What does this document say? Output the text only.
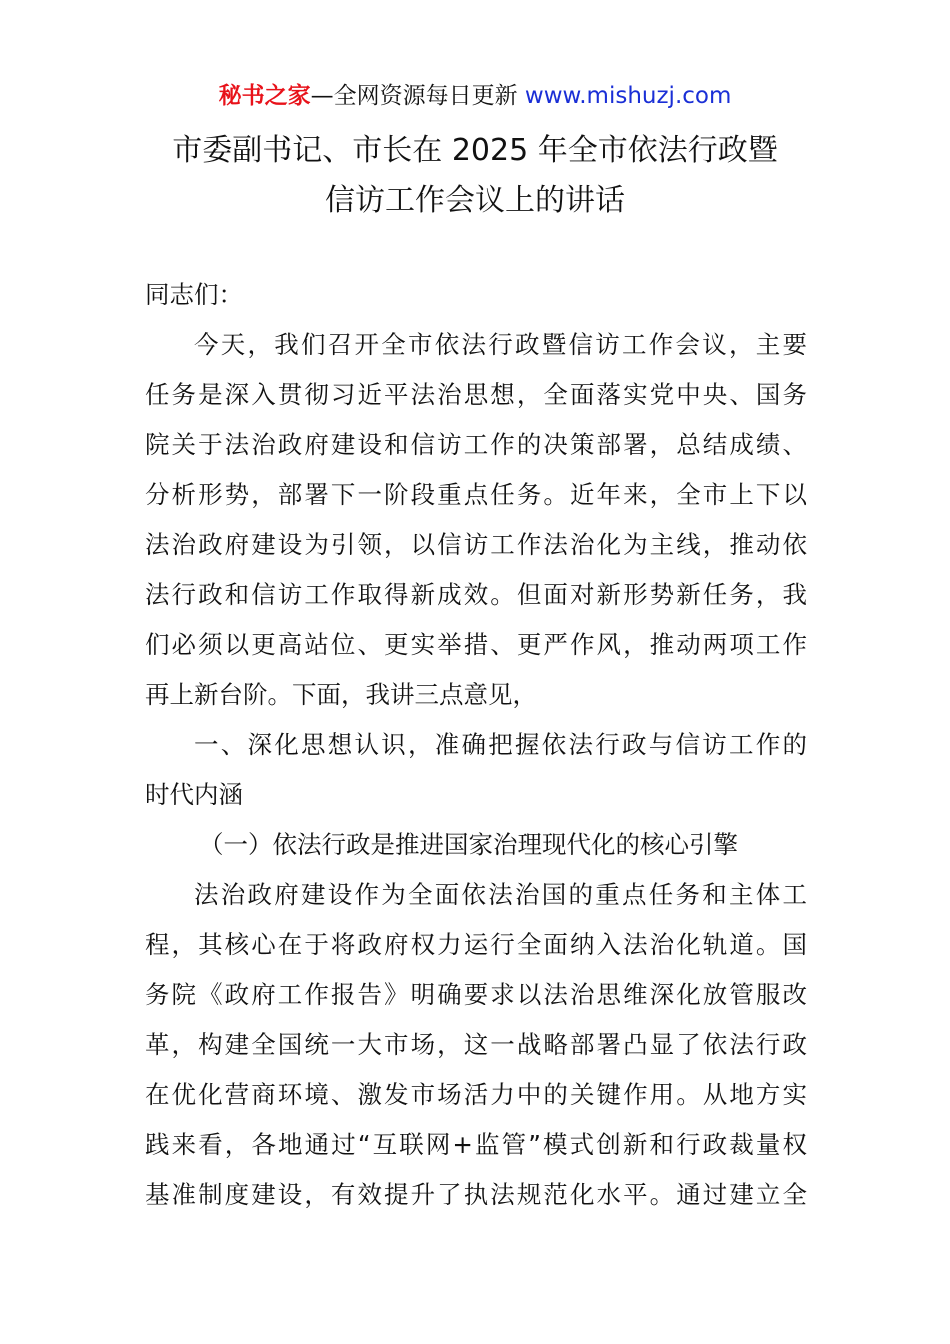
秘书之家—全网资源每日更新 www.mishuzj.com
市委副书记、市长在 2025 年全市依法行政暨
信访工作会议上的讲话
同志们：
今天，我们召开全市依法行政暨信访工作会议，主要
任务是深入贯彻习近平法治思想，全面落实党中央、国务
院关于法治政府建设和信访工作的决策部署，总结成绩、
分析形势，部署下一阶段重点任务。近年来，全市上下以
法治政府建设为引领，以信访工作法治化为主线，推动依
法行政和信访工作取得新成效。但面对新形势新任务，我
们必须以更高站位、更实举措、更严作风，推动两项工作
再上新台阶。下面，我讲三点意见，
一、深化思想认识，准确把握依法行政与信访工作的
时代内涵
（一）依法行政是推进国家治理现代化的核心引擎
法治政府建设作为全面依法治国的重点任务和主体工
程，其核心在于将政府权力运行全面纳入法治化轨道。国
务院《政府工作报告》明确要求以法治思维深化放管服改
革，构建全国统一大市场，这一战略部署凸显了依法行政
在优化营商环境、激发市场活力中的关键作用。从地方实
践来看，各地通过“互联网+监管”模式创新和行政裁量权
基准制度建设，有效提升了执法规范化水平。通过建立全
